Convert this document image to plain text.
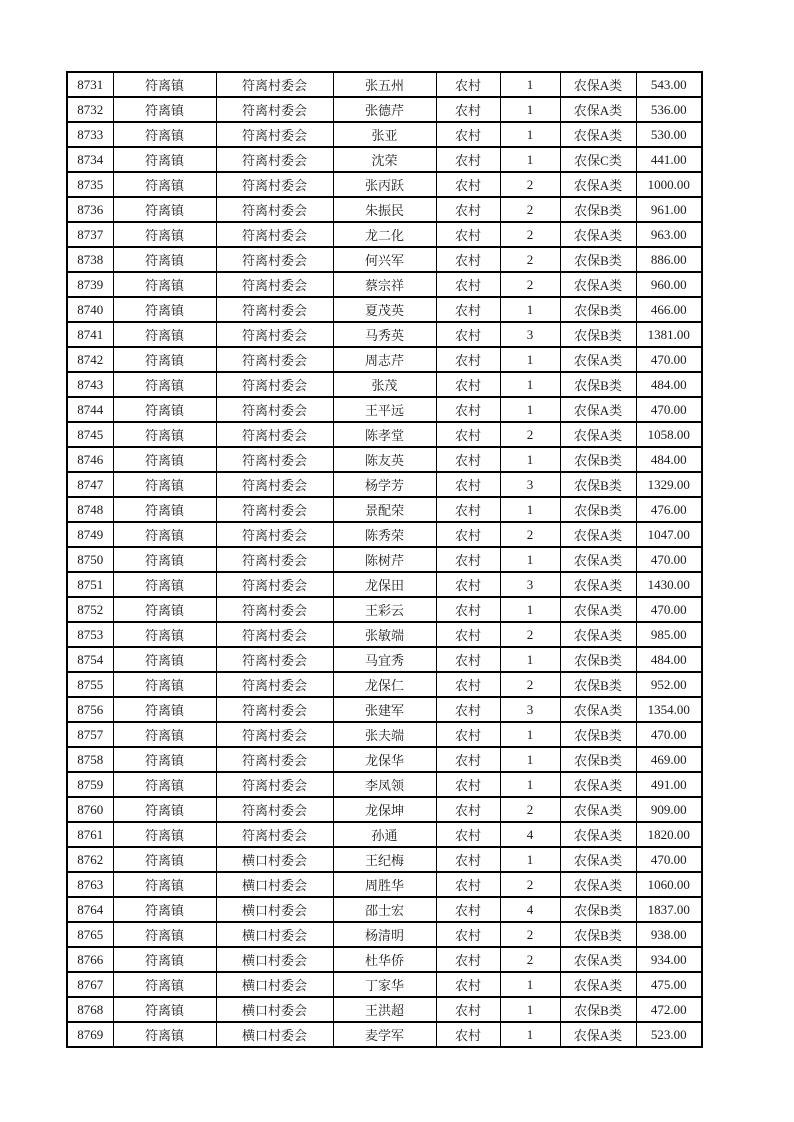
8731	符离镇	符离村委会	张五州	农村	1	农保A类	543.00
8732	符离镇	符离村委会	张德芹	农村	1	农保A类	536.00
8733	符离镇	符离村委会	张亚	农村	1	农保A类	530.00
8734	符离镇	符离村委会	沈荣	农村	1	农保C类	441.00
8735	符离镇	符离村委会	张丙跃	农村	2	农保A类	1000.00
8736	符离镇	符离村委会	朱振民	农村	2	农保B类	961.00
8737	符离镇	符离村委会	龙二化	农村	2	农保A类	963.00
8738	符离镇	符离村委会	何兴军	农村	2	农保B类	886.00
8739	符离镇	符离村委会	蔡宗祥	农村	2	农保A类	960.00
8740	符离镇	符离村委会	夏茂英	农村	1	农保B类	466.00
8741	符离镇	符离村委会	马秀英	农村	3	农保B类	1381.00
8742	符离镇	符离村委会	周志芹	农村	1	农保A类	470.00
8743	符离镇	符离村委会	张茂	农村	1	农保B类	484.00
8744	符离镇	符离村委会	王平远	农村	1	农保A类	470.00
8745	符离镇	符离村委会	陈孝堂	农村	2	农保A类	1058.00
8746	符离镇	符离村委会	陈友英	农村	1	农保B类	484.00
8747	符离镇	符离村委会	杨学芳	农村	3	农保B类	1329.00
8748	符离镇	符离村委会	景配荣	农村	1	农保B类	476.00
8749	符离镇	符离村委会	陈秀荣	农村	2	农保A类	1047.00
8750	符离镇	符离村委会	陈树芹	农村	1	农保A类	470.00
8751	符离镇	符离村委会	龙保田	农村	3	农保A类	1430.00
8752	符离镇	符离村委会	王彩云	农村	1	农保A类	470.00
8753	符离镇	符离村委会	张敏端	农村	2	农保A类	985.00
8754	符离镇	符离村委会	马宜秀	农村	1	农保B类	484.00
8755	符离镇	符离村委会	龙保仁	农村	2	农保B类	952.00
8756	符离镇	符离村委会	张建军	农村	3	农保A类	1354.00
8757	符离镇	符离村委会	张夫端	农村	1	农保B类	470.00
8758	符离镇	符离村委会	龙保华	农村	1	农保B类	469.00
8759	符离镇	符离村委会	李凤领	农村	1	农保A类	491.00
8760	符离镇	符离村委会	龙保坤	农村	2	农保A类	909.00
8761	符离镇	符离村委会	孙通	农村	4	农保A类	1820.00
8762	符离镇	横口村委会	王纪梅	农村	1	农保A类	470.00
8763	符离镇	横口村委会	周胜华	农村	2	农保A类	1060.00
8764	符离镇	横口村委会	邵士宏	农村	4	农保B类	1837.00
8765	符离镇	横口村委会	杨清明	农村	2	农保B类	938.00
8766	符离镇	横口村委会	杜华侨	农村	2	农保A类	934.00
8767	符离镇	横口村委会	丁家华	农村	1	农保A类	475.00
8768	符离镇	横口村委会	王洪超	农村	1	农保B类	472.00
8769	符离镇	横口村委会	麦学军	农村	1	农保A类	523.00
